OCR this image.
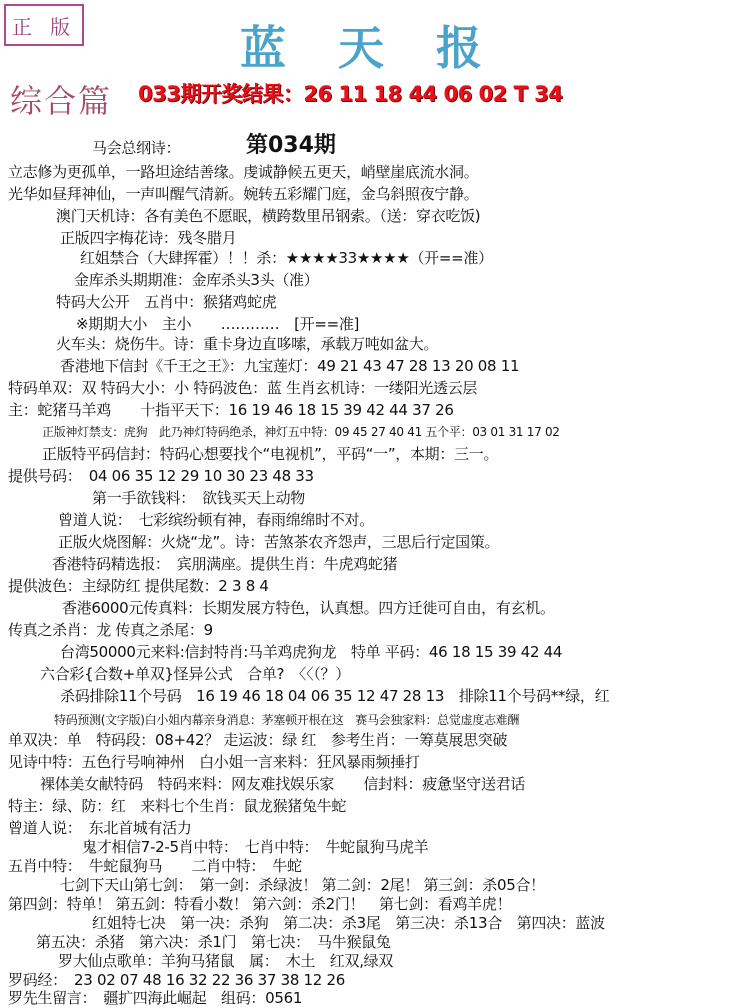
正 版	蓝天报
综合篇 033期开奖结果：26 11 18 44 06 02 T 34
第034期
马会总纲诗：
立志修为更孤单，一路坦途结善缘。虔诚静候五更天，峭壁崖底流水洞。
光华如昼拜神仙，一声叫醒气清新。婉转五彩耀门庭，金乌斜照夜宁静。
澳门天机诗：各有美色不愿眠，横跨数里吊钢索。（送：穿衣吃饭)
正版四字梅花诗：残冬腊月
红姐禁合（大肆挥霍）！！杀：★★★★33★★★★（开==准）
金库杀头期期准：金库杀头3头（准）
特码大公开　五肖中：猴猪鸡蛇虎
※期期大小　主小　　…………　[开==准]
火车头：烧伤牛。诗：重卡身边直哆嗦，承载万吨如盆大。
香港地下信封《千王之王》：九宝莲灯：49 21 43 47 28 13 20 08 11
特码单双：双 特码大小：小 特码波色：蓝 生肖玄机诗：一缕阳光透云层
主：蛇猪马羊鸡　　十指平天下：16 19 46 18 15 39 42 44 37 26
正版神灯禁支：虎狗　此乃神灯特码绝杀，神灯五中特：09 45 27 40 41 五个平：03 01 31 17 02
正版特平码信封：特码心想要找个“电视机”，平码“一”，本期：三一。
提供号码：　04 06 35 12 29 10 30 23 48 33
第一手欲钱料：　欲钱买天上动物
曾道人说：　七彩缤纷顿有神，春雨绵绵时不对。
正版火烧图解：火烧“龙”。诗：苦煞茶农齐怨声，三思后行定国策。
香港特码精选报：　宾朋满座。提供生肖：牛虎鸡蛇猪
提供波色：主绿防红 提供尾数：2 3 8 4
香港6000元传真料：长期发展方特色，认真想。四方迁徙可自由，有玄机。
传真之杀肖：龙 传真之杀尾：9
台湾50000元来料:信封特肖:马羊鸡虎狗龙　特单 平码：46 18 15 39 42 44
六合彩{合数+单双}怪异公式　合单?　〈〈（？）
杀码排除11个号码　16 19 46 18 04 06 35 12 47 28 13　排除11个号码**绿，红
特码预测(文字版)白小姐内幕亲身消息：茅塞顿开根在这　赛马会独家料：总觉虚度志难酬
单双决：单　特码段：08+42？ 走运波：绿 红　参考生肖：一筹莫展思突破
见诗中特：五色行号响神州　白小姐一言来料：狂风暴雨频捶打
裸体美女献特码　特码来料：网友难找娱乐家　　信封料：疲惫坚守送君话
特主：绿、防：红　来料七个生肖：鼠龙猴猪兔牛蛇
曾道人说：　东北首城有活力
鬼才相信7-2-5肖中特：　七肖中特：　牛蛇鼠狗马虎羊
五肖中特：　牛蛇鼠狗马　　二肖中特：　牛蛇
七剑下天山第七剑：　第一剑：杀绿波！ 第二剑：2尾！ 第三剑：杀05合！
第四剑：特单！ 第五剑：特看小数！ 第六剑：杀2门！　第七剑：看鸡羊虎！
红姐特七决　第一决：杀狗　第二决：杀3尾　第三决：杀13合　第四决：蓝波
第五决：杀猪　第六决：杀1门　第七决：　马牛猴鼠兔
罗大仙点歌单：羊狗马猪鼠　属：　木土　红双,绿双
罗码经：　23 02 07 48 16 32 22 36 37 38 12 26
罗先生留言：　疆扩四海此崛起　组码：0561
